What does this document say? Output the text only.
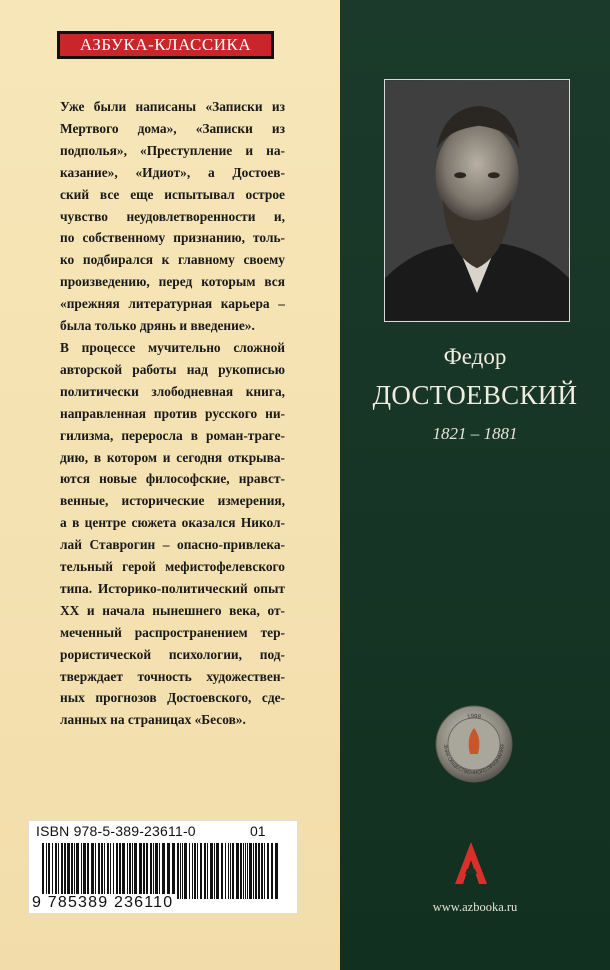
АЗБУКА-КЛАССИКА
Уже были написаны «Записки из
Мертвого дома», «Записки из
подполья», «Преступление и на-
казание», «Идиот», а Достоев-
ский все еще испытывал острое
чувство неудовлетворенности и,
по собственному признанию, толь-
ко подбирался к главному своему
произведению, перед которым вся
«прежняя литературная карьера –
была только дрянь и введение».
В процессе мучительно сложной
авторской работы над рукописью
политически злободневная книга,
направленная против русского ни-
гилизма, переросла в роман-траге-
дию, в котором и сегодня открыва-
ются новые философские, нравст-
венные, исторические измерения,
а в центре сюжета оказался Никол-
лай Ставрогин – опасно-привлека-
тельный герой мефистофелевского
типа. Историко-политический опыт
XX и начала нынешнего века, от-
меченный распространением тер-
рористической психологии, под-
тверждает точность художествен-
ных прогнозов Достоевского, сде-
ланных на страницах «Бесов».
ISBN 978-5-389-23611-0	01
9 785389 236110
Федор
ДОСТОЕВСКИЙ
1821 – 1881
1998
ЗНАК ОБЩЕСТВЕННОГО ПРИЗНАНИЯ
www.azbooka.ru
